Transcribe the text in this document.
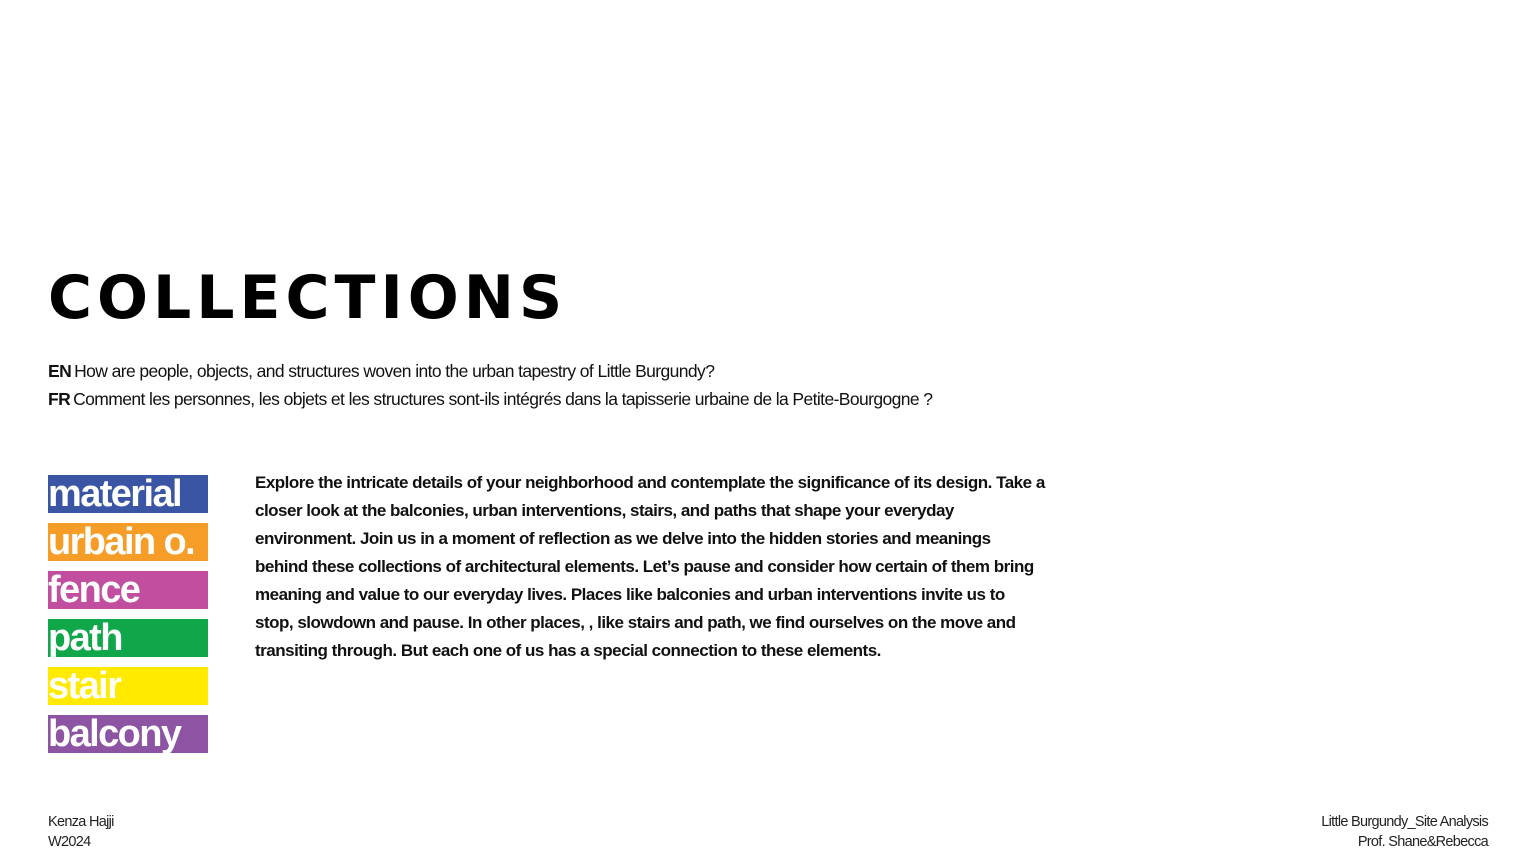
COLLECTIONS
EN How are people, objects, and structures woven into the urban tapestry of Little Burgundy?
FR Comment les personnes, les objets et les structures sont-ils intégrés dans la tapisserie urbaine de la Petite-Bourgogne ?
material
urbain o.
fence
path
stair
balcony

Explore the intricate details of your neighborhood and contemplate the significance of its design. Take a closer look at the balconies, urban interventions, stairs, and paths that shape your everyday environment. Join us in a moment of reflection as we delve into the hidden stories and meanings behind these collections of architectural elements. Let’s pause and consider how certain of them bring meaning and value to our everyday lives. Places like balconies and urban interventions invite us to stop, slowdown and pause. In other places, , like stairs and path, we find ourselves on the move and transiting through. But each one of us has a special connection to these elements.

Kenza Hajji
W2024
Little Burgundy_Site Analysis
Prof. Shane&Rebecca
